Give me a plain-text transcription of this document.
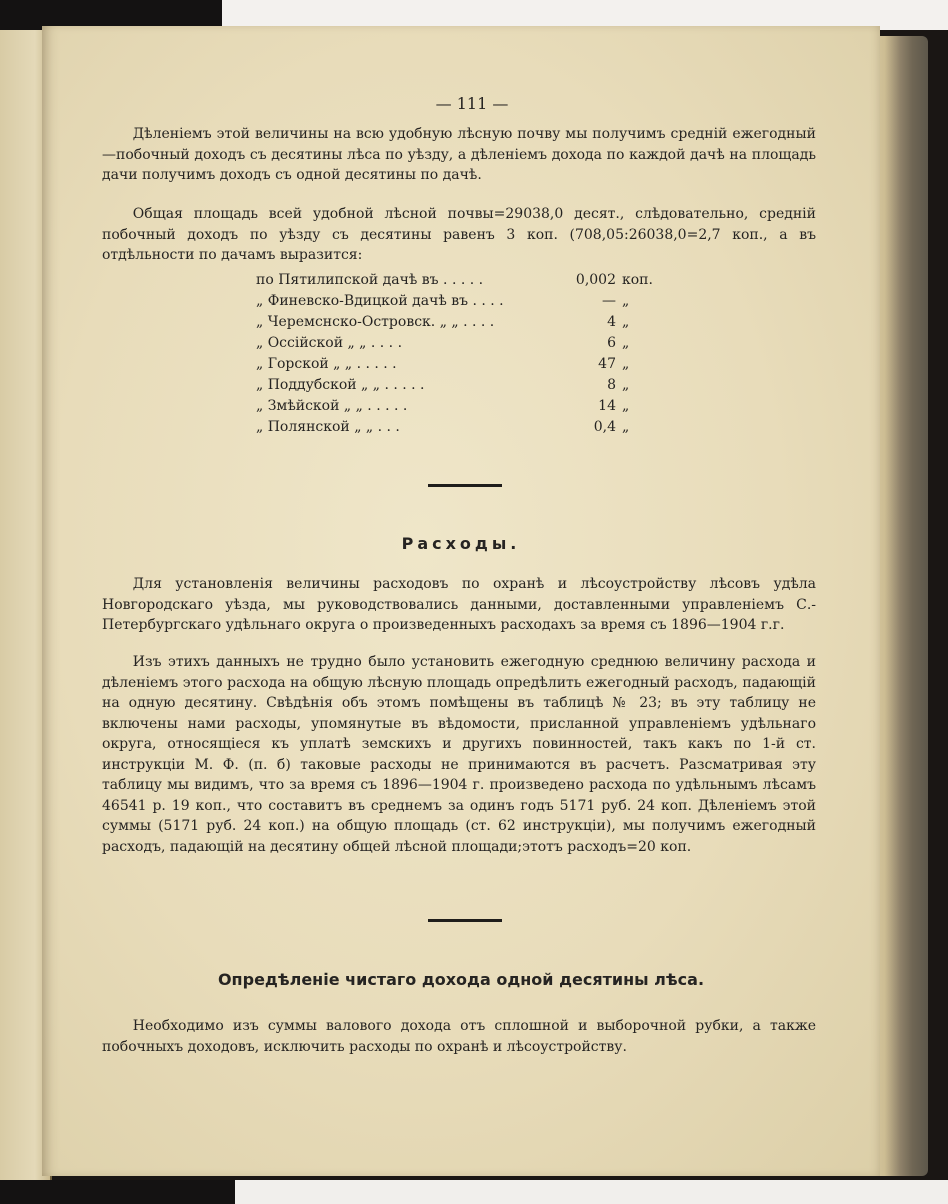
— 111 —

Дѣленіемъ этой величины на всю удобную лѣсную почву мы получимъ средній ежегодный—побочный доходъ съ десятины лѣса по уѣзду, а дѣленіемъ дохода по каждой дачѣ на площадь дачи получимъ доходъ съ одной десятины по дачѣ.

Общая площадь всей удобной лѣсной почвы=29038,0 десят., слѣдовательно, средній побочный доходъ по уѣзду съ десятины равенъ 3 коп. (708,05:26038,0=2,7 коп., а въ отдѣльности по дачамъ выразится:

по Пятилипской дачѣ въ . . . . .	0,002 коп.
„ Финевско-Вдицкой дачѣ въ . . . .	— „
„ Черемснско-Островск. „ „ . . . .	4 „
„ Оссійской „ „ . . . .	6 „
„ Горской „ „ . . . . .	47 „
„ Поддубской „ „ . . . . .	8 „
„ Змѣйской „ „ . . . . .	14 „
„ Полянской „ „ . . .	0,4 „
Расходы.

Для установленія величины расходовъ по охранѣ и лѣсоустройству лѣсовъ удѣла Новгородскаго уѣзда, мы руководствовались данными, доставленными управленіемъ С.-Петербургскаго удѣльнаго округа о произведенныхъ расходахъ за время съ 1896—1904 г.г.

Изъ этихъ данныхъ не трудно было установить ежегодную среднюю величину расхода и дѣленіемъ этого расхода на общую лѣсную площадь опредѣлить ежегодный расходъ, падающій на одную десятину. Свѣдѣнія объ этомъ помѣщены въ таблицѣ № 23; въ эту таблицу не включены нами расходы, упомянутые въ вѣдомости, присланной управленіемъ удѣльнаго округа, относящіеся къ уплатѣ земскихъ и другихъ повинностей, такъ какъ по 1-й ст. инструкціи М. Ф. (п. б) таковые расходы не принимаются въ расчетъ. Разсматривая эту таблицу мы видимъ, что за время съ 1896—1904 г. произведено расхода по удѣльнымъ лѣсамъ 46541 р. 19 коп., что составитъ въ среднемъ за одинъ годъ 5171 руб. 24 коп. Дѣленіемъ этой суммы (5171 руб. 24 коп.) на общую площадь (ст. 62 инструкціи), мы получимъ ежегодный расходъ, падающій на десятину общей лѣсной площади;этотъ расходъ=20 коп.

Опредѣленіе чистаго дохода одной десятины лѣса.

Необходимо изъ суммы валового дохода отъ сплошной и выборочной рубки, а также побочныхъ доходовъ, исключить расходы по охранѣ и лѣсоустройству.
